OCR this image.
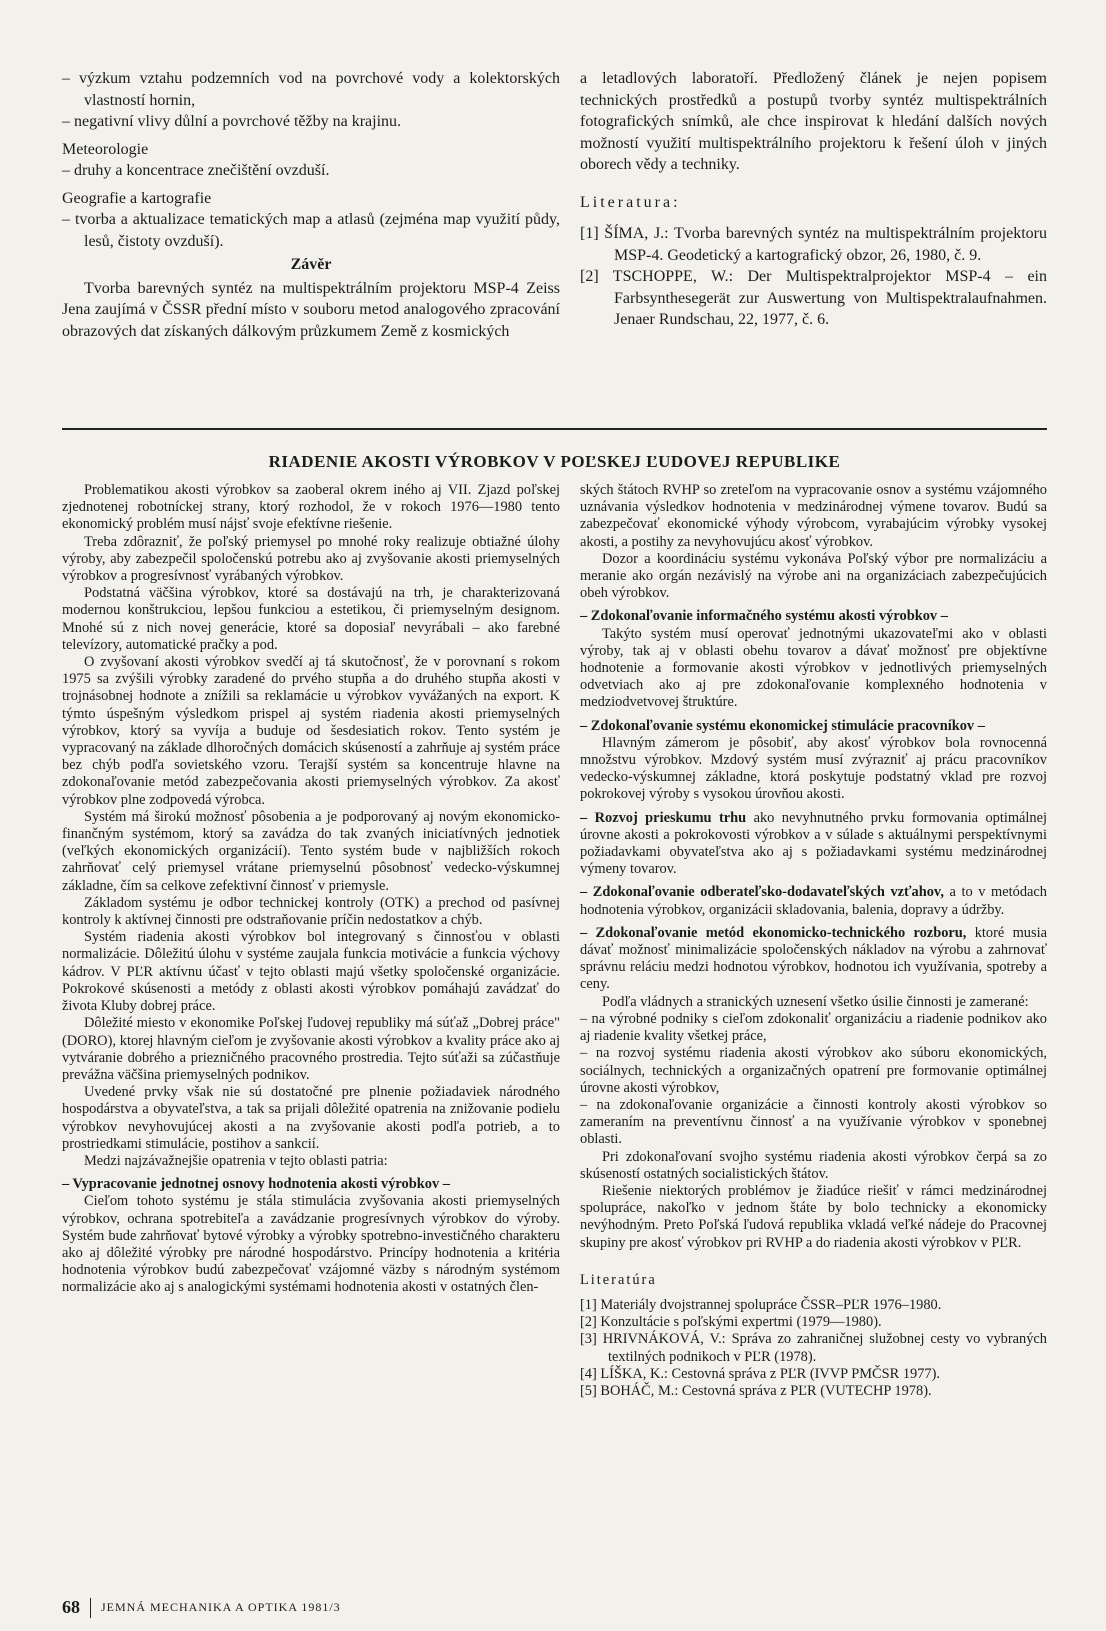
– výzkum vztahu podzemních vod na povrchové vody a kolektorských vlastností hornin,

– negativní vlivy důlní a povrchové těžby na krajinu.

Meteorologie

– druhy a koncentrace znečištění ovzduší.

Geografie a kartografie

– tvorba a aktualizace tematických map a atlasů (zejména map využití půdy, lesů, čistoty ovzduší).

Závěr

Tvorba barevných syntéz na multispektrálním projektoru MSP-4 Zeiss Jena zaujímá v ČSSR přední místo v souboru metod analogového zpracování obrazových dat získaných dálkovým průzkumem Země z kosmických

a letadlových laboratoří. Předložený článek je nejen popisem technických prostředků a postupů tvorby syntéz multispektrálních fotografických snímků, ale chce inspirovat k hledání dalších nových možností využití multispektrálního projektoru k řešení úloh v jiných oborech vědy a techniky.

Literatura:

[1] ŠÍMA, J.: Tvorba barevných syntéz na multispektrálním projektoru MSP-4. Geodetický a kartografický obzor, 26, 1980, č. 9.

[2] TSCHOPPE, W.: Der Multispektralprojektor MSP-4 – ein Farbsynthesegerät zur Auswertung von Multispektralaufnahmen. Jenaer Rundschau, 22, 1977, č. 6.

RIADENIE AKOSTI VÝROBKOV V POĽSKEJ ĽUDOVEJ REPUBLIKE

Problematikou akosti výrobkov sa zaoberal okrem iného aj VII. Zjazd poľskej zjednotenej robotníckej strany, ktorý rozhodol, že v rokoch 1976—1980 tento ekonomický problém musí nájsť svoje efektívne riešenie.

Treba zdôrazniť, že poľský priemysel po mnohé roky realizuje obtiažné úlohy výroby, aby zabezpečil spoločenskú potrebu ako aj zvyšovanie akosti priemyselných výrobkov a progresívnosť vyrábaných výrobkov.

Podstatná väčšina výrobkov, ktoré sa dostávajú na trh, je charakterizovaná modernou konštrukciou, lepšou funkciou a estetikou, či priemyselným designom. Mnohé sú z nich novej generácie, ktoré sa doposiaľ nevyrábali – ako farebné televízory, automatické pračky a pod.

O zvyšovaní akosti výrobkov svedčí aj tá skutočnosť, že v porovnaní s rokom 1975 sa zvýšili výrobky zaradené do prvého stupňa a do druhého stupňa akosti v trojnásobnej hodnote a znížili sa reklamácie u výrobkov vyvážaných na export. K týmto úspešným výsledkom prispel aj systém riadenia akosti priemyselných výrobkov, ktorý sa vyvíja a buduje od šesdesiatich rokov. Tento systém je vypracovaný na základe dlhoročných domácich skúseností a zahrňuje aj systém práce bez chýb podľa sovietského vzoru. Terajší systém sa koncentruje hlavne na zdokonaľovanie metód zabezpečovania akosti priemyselných výrobkov. Za akosť výrobkov plne zodpovedá výrobca.

Systém má širokú možnosť pôsobenia a je podporovaný aj novým ekonomicko-finančným systémom, ktorý sa zavádza do tak zvaných iniciatívných jednotiek (veľkých ekonomických organizácií). Tento systém bude v najbližších rokoch zahrňovať celý priemysel vrátane priemyselnú pôsobnosť vedecko-výskumnej základne, čím sa celkove zefektivní činnosť v priemysle.

Základom systému je odbor technickej kontroly (OTK) a prechod od pasívnej kontroly k aktívnej činnosti pre odstraňovanie príčin nedostatkov a chýb.

Systém riadenia akosti výrobkov bol integrovaný s činnosťou v oblasti normalizácie. Dôležitú úlohu v systéme zaujala funkcia motivácie a funkcia výchovy kádrov. V PĽR aktívnu účasť v tejto oblasti majú všetky spoločenské organizácie. Pokrokové skúsenosti a metódy z oblasti akosti výrobkov pomáhajú zavádzať do života Kluby dobrej práce.

Dôležité miesto v ekonomike Poľskej ľudovej republiky má súťaž „Dobrej práce" (DORO), ktorej hlavným cieľom je zvyšovanie akosti výrobkov a kvality práce ako aj vytváranie dobrého a priezničného pracovného prostredia. Tejto súťaži sa zúčastňuje prevážna väčšina priemyselných podnikov.

Uvedené prvky však nie sú dostatočné pre plnenie požiadaviek národného hospodárstva a obyvateľstva, a tak sa prijali dôležité opatrenia na znižovanie podielu výrobkov nevyhovujúcej akosti a na zvyšovanie akosti podľa potrieb, a to prostriedkami stimulácie, postihov a sankcií.

Medzi najzávažnejšie opatrenia v tejto oblasti patria:

– Vypracovanie jednotnej osnovy hodnotenia akosti výrobkov –

Cieľom tohoto systému je stála stimulácia zvyšovania akosti priemyselných výrobkov, ochrana spotrebiteľa a zavádzanie progresívnych výrobkov do výroby. Systém bude zahrňovať bytové výrobky a výrobky spotrebno-investičného charakteru ako aj dôležité výrobky pre národné hospodárstvo. Princípy hodnotenia a kritéria hodnotenia výrobkov budú zabezpečovať vzájomné väzby s národným systémom normalizácie ako aj s analogickými systémami hodnotenia akosti v ostatných člen-

ských štátoch RVHP so zreteľom na vypracovanie osnov a systému vzájomného uznávania výsledkov hodnotenia v medzinárodnej výmene tovarov. Budú sa zabezpečovať ekonomické výhody výrobcom, vyrabajúcim výrobky vysokej akosti, a postihy za nevyhovujúcu akosť výrobkov.

Dozor a koordináciu systému vykonáva Poľský výbor pre normalizáciu a meranie ako orgán nezávislý na výrobe ani na organizáciach zabezpečujúcich obeh výrobkov.

– Zdokonaľovanie informačného systému akosti výrobkov –

Takýto systém musí operovať jednotnými ukazovateľmi ako v oblasti výroby, tak aj v oblasti obehu tovarov a dávať možnosť pre objektívne hodnotenie a formovanie akosti výrobkov v jednotlivých priemyselných odvetviach ako aj pre zdokonaľovanie komplexného hodnotenia v medziodvetvovej štruktúre.

– Zdokonaľovanie systému ekonomickej stimulácie pracovníkov –

Hlavným zámerom je pôsobiť, aby akosť výrobkov bola rovnocenná množstvu výrobkov. Mzdový systém musí zvýrazniť aj prácu pracovníkov vedecko-výskumnej základne, ktorá poskytuje podstatný vklad pre rozvoj pokrokovej výroby s vysokou úrovňou akosti.

– Rozvoj prieskumu trhu ako nevyhnutného prvku formovania optimálnej úrovne akosti a pokrokovosti výrobkov a v súlade s aktuálnymi perspektívnymi požiadavkami obyvateľstva ako aj s požiadavkami systému medzinárodnej výmeny tovarov.

– Zdokonaľovanie odberateľsko-dodavateľských vzťahov, a to v metódach hodnotenia výrobkov, organizácii skladovania, balenia, dopravy a údržby.

– Zdokonaľovanie metód ekonomicko-technického rozboru, ktoré musia dávať možnosť minimalizácie spoločenských nákladov na výrobu a zahrnovať správnu reláciu medzi hodnotou výrobkov, hodnotou ich využívania, spotreby a ceny.

Podľa vládnych a stranických uznesení všetko úsilie činnosti je zamerané:

– na výrobné podniky s cieľom zdokonaliť organizáciu a riadenie podnikov ako aj riadenie kvality všetkej práce,

– na rozvoj systému riadenia akosti výrobkov ako súboru ekonomických, sociálnych, technických a organizačných opatrení pre formovanie optimálnej úrovne akosti výrobkov,

– na zdokonaľovanie organizácie a činnosti kontroly akosti výrobkov so zameraním na preventívnu činnosť a na využívanie výrobkov v sponebnej oblasti.

Pri zdokonaľovaní svojho systému riadenia akosti výrobkov čerpá sa zo skúseností ostatných socialistických štátov.

Riešenie niektorých problémov je žiadúce riešiť v rámci medzinárodnej spolupráce, nakoľko v jednom štáte by bolo technicky a ekonomicky nevýhodným. Preto Poľská ľudová republika vkladá veľké nádeje do Pracovnej skupiny pre akosť výrobkov pri RVHP a do riadenia akosti výrobkov v PĽR.

Literatúra

[1] Materiály dvojstrannej spolupráce ČSSR–PĽR 1976–1980.

[2] Konzultácie s poľskými expertmi (1979—1980).

[3] HRIVNÁKOVÁ, V.: Správa zo zahraničnej služobnej cesty vo vybraných textilných podnikoch v PĽR (1978).

[4] LÍŠKA, K.: Cestovná správa z PĽR (IVVP PMČSR 1977).

[5] BOHÁČ, M.: Cestovná správa z PĽR (VUTECHP 1978).

68 JEMNÁ MECHANIKA A OPTIKA 1981/3
